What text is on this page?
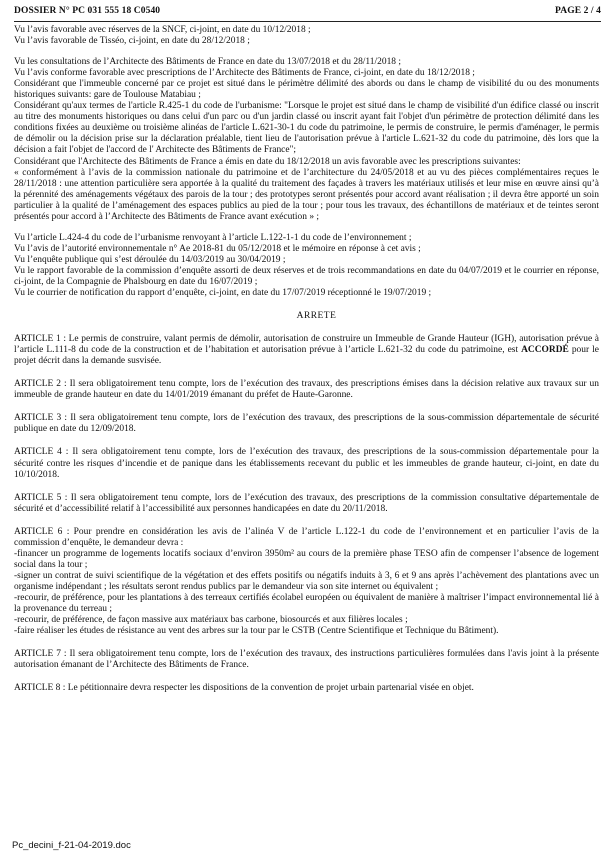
DOSSIER N° PC 031 555 18 C0540	PAGE 2 / 4
Vu l’avis favorable avec réserves de la SNCF, ci-joint, en date du 10/12/2018 ;
Vu l’avis favorable de Tisséo, ci-joint, en date du 28/12/2018 ;
Vu les consultations de l’Architecte des Bâtiments de France en date du 13/07/2018 et du 28/11/2018 ;
Vu l’avis conforme favorable avec prescriptions de l’Architecte des Bâtiments de France, ci-joint, en date du 18/12/2018 ;
Considérant que l'immeuble concerné par ce projet est situé dans le périmètre délimité des abords ou dans le champ de visibilité du ou des monuments historiques suivants: gare de Toulouse Matabiau ;
Considérant qu'aux termes de l'article R.425-1 du code de l'urbanisme: "Lorsque le projet est situé dans le champ de visibilité d'un édifice classé ou inscrit au titre des monuments historiques ou dans celui d'un parc ou d'un jardin classé ou inscrit ayant fait l'objet d'un périmètre de protection délimité dans les conditions fixées au deuxième ou troisième alinéas de l'article L.621-30-1 du code du patrimoine, le permis de construire, le permis d'aménager, le permis de démolir ou la décision prise sur la déclaration préalable, tient lieu de l'autorisation prévue à l'article L.621-32 du code du patrimoine, dès lors que la décision a fait l'objet de l'accord de l' Architecte des Bâtiments de France";
Considérant que l'Architecte des Bâtiments de France a émis en date du 18/12/2018 un avis favorable avec les prescriptions suivantes:
« conformément à l’avis de la commission nationale du patrimoine et de l’architecture du 24/05/2018 et au vu des pièces complémentaires reçues le 28/11/2018 : une attention particulière sera apportée à la qualité du traitement des façades à travers les matériaux utilisés et leur mise en œuvre ainsi qu’à la pérennité des aménagements végétaux des parois de la tour ; des prototypes seront présentés pour accord avant réalisation ; il devra être apporté un soin particulier à la qualité de l’aménagement des espaces publics au pied de la tour ; pour tous les travaux, des échantillons de matériaux et de teintes seront présentés pour accord à l’Architecte des Bâtiments de France avant exécution » ;
Vu l’article L.424-4 du code de l’urbanisme renvoyant à l’article L.122-1-1 du code de l’environnement ;
Vu l’avis de l’autorité environnementale n° Ae 2018-81 du 05/12/2018 et le mémoire en réponse à cet avis ;
Vu l’enquête publique qui s’est déroulée du 14/03/2019 au 30/04/2019 ;
Vu le rapport favorable de la commission d’enquête assorti de deux réserves et de trois recommandations en date du 04/07/2019 et le courrier en réponse, ci-joint, de la Compagnie de Phalsbourg en date du 16/07/2019 ;
Vu le courrier de notification du rapport d’enquête, ci-joint, en date du 17/07/2019 réceptionné le 19/07/2019 ;
ARRETE

ARTICLE 1 : Le permis de construire, valant permis de démolir, autorisation de construire un Immeuble de Grande Hauteur (IGH), autorisation prévue à l’article L.111-8 du code de la construction et de l’habitation et autorisation prévue à l’article L.621-32 du code du patrimoine, est ACCORDÉ pour le projet décrit dans la demande susvisée.

ARTICLE 2 : Il sera obligatoirement tenu compte, lors de l’exécution des travaux, des prescriptions émises dans la décision relative aux travaux sur un immeuble de grande hauteur en date du 14/01/2019 émanant du préfet de Haute-Garonne.
ARTICLE 3 : Il sera obligatoirement tenu compte, lors de l’exécution des travaux, des prescriptions de la sous-commission départementale de sécurité publique en date du 12/09/2018.
ARTICLE 4 : Il sera obligatoirement tenu compte, lors de l’exécution des travaux, des prescriptions de la sous-commission départementale pour la sécurité contre les risques d’incendie et de panique dans les établissements recevant du public et les immeubles de grande hauteur, ci-joint, en date du 10/10/2018.
ARTICLE 5 : Il sera obligatoirement tenu compte, lors de l’exécution des travaux, des prescriptions de la commission consultative départementale de sécurité et d’accessibilité relatif à l’accessibilité aux personnes handicapées en date du 20/11/2018.
ARTICLE 6 : Pour prendre en considération les avis de l’alinéa V de l’article L.122-1 du code de l’environnement et en particulier l’avis de la commission d’enquête, le demandeur devra :
-financer un programme de logements locatifs sociaux d’environ 3950m² au cours de la première phase TESO afin de compenser l’absence de logement social dans la tour ;
-signer un contrat de suivi scientifique de la végétation et des effets positifs ou négatifs induits à 3, 6 et 9 ans après l’achèvement des plantations avec un organisme indépendant ; les résultats seront rendus publics par le demandeur via son site internet ou équivalent ;
-recourir, de préférence, pour les plantations à des terreaux certifiés écolabel européen ou équivalent de manière à maîtriser l’impact environnemental lié à la provenance du terreau ;
-recourir, de préférence, de façon massive aux matériaux bas carbone, biosourcés et aux filières locales ;
-faire réaliser les études de résistance au vent des arbres sur la tour par le CSTB (Centre Scientifique et Technique du Bâtiment).
ARTICLE 7 : Il sera obligatoirement tenu compte, lors de l’exécution des travaux, des instructions particulières formulées dans l'avis joint à la présente autorisation émanant de l’Architecte des Bâtiments de France.
ARTICLE 8 : Le pétitionnaire devra respecter les dispositions de la convention de projet urbain partenarial visée en objet.
Pc_decini_f-21-04-2019.doc
